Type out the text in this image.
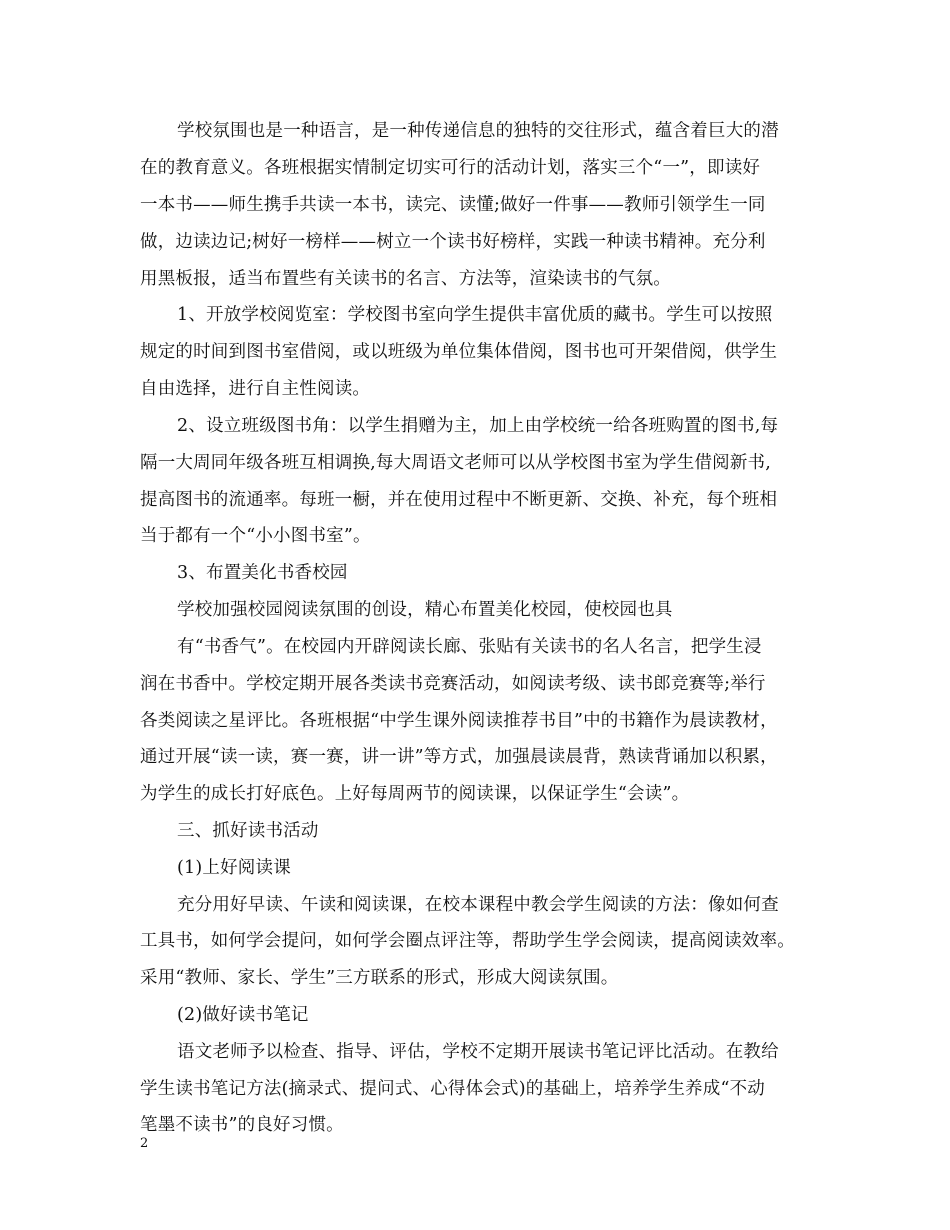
学校氛围也是一种语言，是一种传递信息的独特的交往形式，蕴含着巨大的潜
在的教育意义。各班根据实情制定切实可行的活动计划，落实三个“一”，即读好
一本书——师生携手共读一本书，读完、读懂;做好一件事——教师引领学生一同
做，边读边记;树好一榜样——树立一个读书好榜样，实践一种读书精神。充分利
用黑板报，适当布置些有关读书的名言、方法等，渲染读书的气氛。
1、开放学校阅览室：学校图书室向学生提供丰富优质的藏书。学生可以按照
规定的时间到图书室借阅，或以班级为单位集体借阅，图书也可开架借阅，供学生
自由选择，进行自主性阅读。
2、设立班级图书角：以学生捐赠为主，加上由学校统一给各班购置的图书,每
隔一大周同年级各班互相调换,每大周语文老师可以从学校图书室为学生借阅新书,
提高图书的流通率。每班一橱，并在使用过程中不断更新、交换、补充，每个班相
当于都有一个“小小图书室”。
3、布置美化书香校园
学校加强校园阅读氛围的创设，精心布置美化校园，使校园也具
有“书香气”。在校园内开辟阅读长廊、张贴有关读书的名人名言，把学生浸
润在书香中。学校定期开展各类读书竞赛活动，如阅读考级、读书郎竞赛等;举行
各类阅读之星评比。各班根据“中学生课外阅读推荐书目”中的书籍作为晨读教材，
通过开展“读一读，赛一赛，讲一讲”等方式，加强晨读晨背，熟读背诵加以积累，
为学生的成长打好底色。上好每周两节的阅读课，以保证学生“会读”。
三、抓好读书活动
(1)上好阅读课
充分用好早读、午读和阅读课，在校本课程中教会学生阅读的方法：像如何查
工具书，如何学会提问，如何学会圈点评注等，帮助学生学会阅读，提高阅读效率。
采用“教师、家长、学生”三方联系的形式，形成大阅读氛围。
(2)做好读书笔记
语文老师予以检查、指导、评估，学校不定期开展读书笔记评比活动。在教给
学生读书笔记方法(摘录式、提问式、心得体会式)的基础上，培养学生养成“不动
笔墨不读书”的良好习惯。
2
